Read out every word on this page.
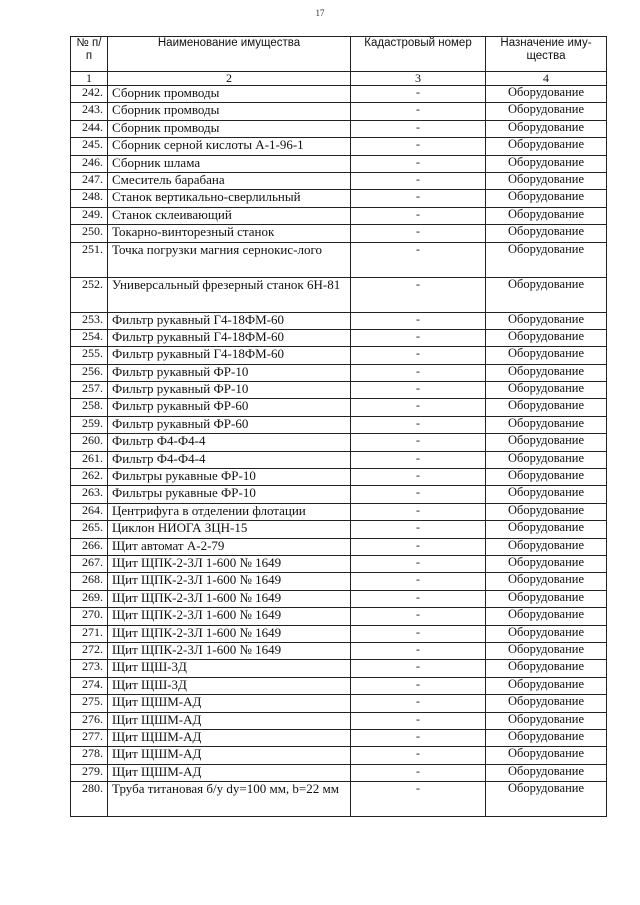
17
№ п/п	Наименование имущества	Кадастровый номер	Назначение иму-щества
1	2	3	4
242.	Сборник промводы	-	Оборудование
243.	Сборник промводы	-	Оборудование
244.	Сборник промводы	-	Оборудование
245.	Сборник серной кислоты А-1-96-1	-	Оборудование
246.	Сборник шлама	-	Оборудование
247.	Смеситель барабана	-	Оборудование
248.	Станок вертикально-сверлильный	-	Оборудование
249.	Станок склеивающий	-	Оборудование
250.	Токарно-винторезный станок	-	Оборудование
251.	Точка погрузки магния сернокис-лого	-	Оборудование
252.	Универсальный фрезерный станок 6Н-81	-	Оборудование
253.	Фильтр рукавный Г4-18ФМ-60	-	Оборудование
254.	Фильтр рукавный Г4-18ФМ-60	-	Оборудование
255.	Фильтр рукавный Г4-18ФМ-60	-	Оборудование
256.	Фильтр рукавный ФР-10	-	Оборудование
257.	Фильтр рукавный ФР-10	-	Оборудование
258.	Фильтр рукавный ФР-60	-	Оборудование
259.	Фильтр рукавный ФР-60	-	Оборудование
260.	Фильтр Ф4-Ф4-4	-	Оборудование
261.	Фильтр Ф4-Ф4-4	-	Оборудование
262.	Фильтры рукавные ФР-10	-	Оборудование
263.	Фильтры рукавные ФР-10	-	Оборудование
264.	Центрифуга в отделении флотации	-	Оборудование
265.	Циклон НИОГА ЗЦН-15	-	Оборудование
266.	Щит автомат А-2-79	-	Оборудование
267.	Щит ЩПК-2-3Л 1-600 № 1649	-	Оборудование
268.	Щит ЩПК-2-3Л 1-600 № 1649	-	Оборудование
269.	Щит ЩПК-2-3Л 1-600 № 1649	-	Оборудование
270.	Щит ЩПК-2-3Л 1-600 № 1649	-	Оборудование
271.	Щит ЩПК-2-3Л 1-600 № 1649	-	Оборудование
272.	Щит ЩПК-2-3Л 1-600 № 1649	-	Оборудование
273.	Щит ЩШ-3Д	-	Оборудование
274.	Щит ЩШ-3Д	-	Оборудование
275.	Щит ЩШМ-АД	-	Оборудование
276.	Щит ЩШМ-АД	-	Оборудование
277.	Щит ЩШМ-АД	-	Оборудование
278.	Щит ЩШМ-АД	-	Оборудование
279.	Щит ЩШМ-АД	-	Оборудование
280.	Труба титановая б/у dy=100 мм, b=22 мм	-	Оборудование
